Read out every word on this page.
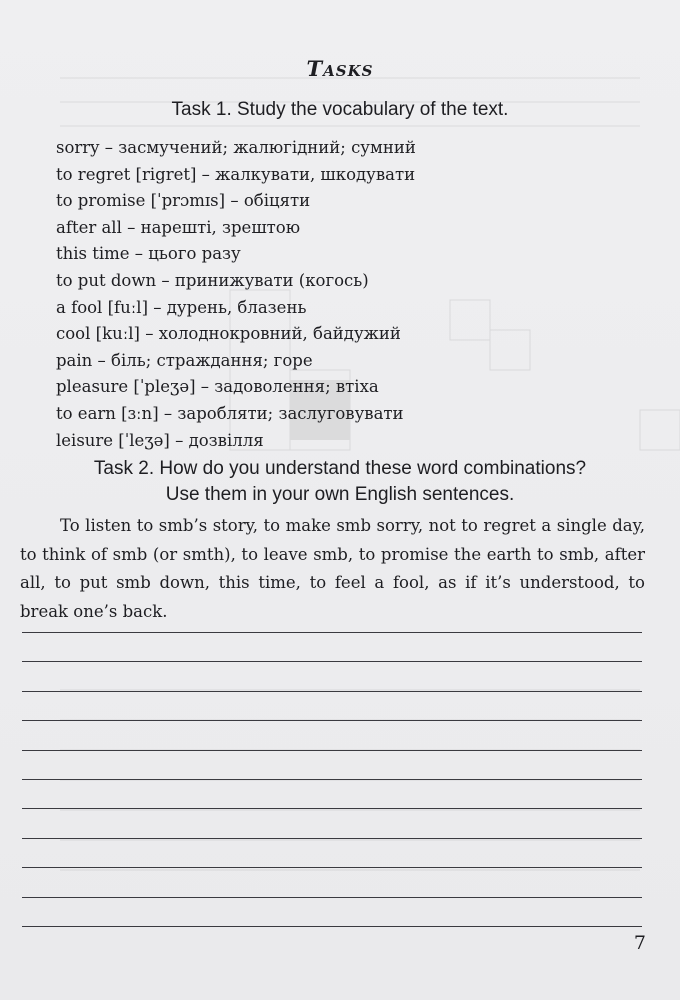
Tasks
Task 1. Study the vocabulary of the text.
sorry – засмучений; жалюгідний; сумний
to regret [rigret] – жалкувати, шкодувати
to promise [ˈprɔmɪs] – обіцяти
after all – нарешті, зрештою
this time – цього разу
to put down – принижувати (когось)
a fool [fuːl] – дурень, блазень
cool [kuːl] – холоднокровний, байдужий
pain – біль; страждання; горе
pleasure [ˈpleʒə] – задоволення; втіха
to earn [ɜːn] – заробляти; заслуговувати
leisure [ˈleʒə] – дозвілля
Task 2. How do you understand these word combinations?
Use them in your own English sentences.

To listen to smb’s story, to make smb sorry, not to regret a single day, to think of smb (or smth), to leave smb, to promise the earth to smb, after all, to put smb down, this time, to feel a fool, as if it’s understood, to break one’s back.

7
